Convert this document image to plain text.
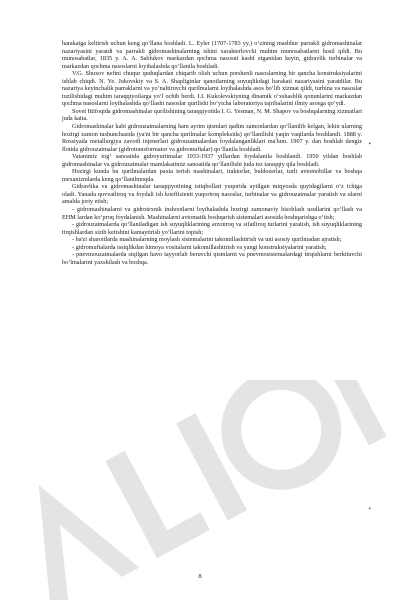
harakatga keltirish uchun keng qo‘llana boshladi. L. Eyler (1707-1783 yy.) o‘zining mashhur parrakli gidromashinalar nazariyasini yaratdi va parrakli gidromashinalarning ishini xarakterlovchi muhim munosabatlarni hosil qildi. Bu munosabatlar, 1835 y. A. A. Sablukov markazdan qochma nasosni kashf etganidan keyin, gidravlik turbinalar va markazdan qochma nasoslarni loyihalashda qo‘llanila boshladi.

V.G. Shuxov neftni chuqur quduqlardan chiqarib olish uchun porshenli nasoslarning bir qancha konstruksiyalarini ishlab chiqdi. N. Ye. Jukovskiy va S. A. Shapliginlar qanotlarning suyuqlikdagi harakati nazariyasini yaratdilar. Bu nazariya keyinchalik parraklarni va yo‘naltiruvchi qurilmalarni loyihalashda asos bo‘lib xizmat qildi, turbina va nasoslar tuzilishidagi muhim taraqqiyotlarga yo‘l ochib berdi. I.I. Kukolevskiyning dinamik o‘xshashlik qonunlarini markazdan qochma nasoslarni loyihalashda qo‘llashi nasoslar qurilishi bo‘yicha laboratoriya tajribalarini ilmiy asosga qo‘ydi.

Sovet Ittifoqida gidromashinalar qurilishining taraqqiyotida I. G. Yesman, N. M. Shapov va boshqalarning xizmatlari juda katta.

Gidromashinalar kabi gidrouzatmalarning ham ayrim qismlari qadim zamonlardan qo‘llanilib kelgan, lekin ularning hozirgi zamon tushunchasida (ya'ni bir qancha qurilmalar kompleksida) qo‘llanilishi yaqin vaqtlarda boshlandi. 1888 y. Rossiyada metallurgiya zavodi injenerlari gidrouzatmalardan foydalanganliklari ma'lum. 1907 y. dan boshlab dengiz flotida gidrouzatmalar (gidrotransformator va gidromuftalar) qo‘llanila boshladi.

Vatanimiz tog‘ sanoatida gidroyuritmalar 1933-1937 yillardan foydalanila boshlandi. 1950 yildan boshlab gidromashinalar va gidrouzatmalar mamlakatimiz sanoatida qo‘llanilishi juda tez taraqqiy qila boshladi.

Hozirgi kunda bu qurilmalardan paxta terish mashinalari, traktorlar, buldozerlar, turli avtomobillar va boshqa mexanizmlarda keng qo‘llanilmoqda.

Gidravlika va gidromashinalar taraqqiyotining istiqbollari yuqorida aytilgan miqyosda quyidagilarni o‘z ichiga oladi. Yanada quvvatliroq va foydali ish koeffisienti yuqoriroq nasoslar, turbinalar va gidrouzatmalar yaratish va ularni amalda joriy etish;

- gidromashinalarni va gidrotexnik inshootlarni loyihalashda hozirgi zamonaviy hisoblash usullarini qo‘llash va EHM lardan ko‘proq foydalanish. Mashinalarni avtomatik boshqarish sistemalari asosida boshqarishga o‘tish;

- gidrouzatmalarda qo‘llaniladigan ish suyuqliklarining arzonroq va sifatliroq turlarini yaratish, ish suyuqliklarining tirqishlardan sizib ketishini kamaytirish yo‘llarini topish;

- ba'zi sharoitlarda mashinalarning moylash sistemalarini takomillashtirish va uni asosiy qurilmadan ajratish;

- gidromuftalarda issiqlikdan himoya vositalarni takomillashtirish va yangi konstruksiyalarini yaratish;

- pnevmouzatmalarda siqilgan havo tayyorlab beruvchi qismlarni va pnevmosistemalardagi tirqishlarni berkituvchi bo‘lmalarini yaxshilash va boshqa.

•
•
8
